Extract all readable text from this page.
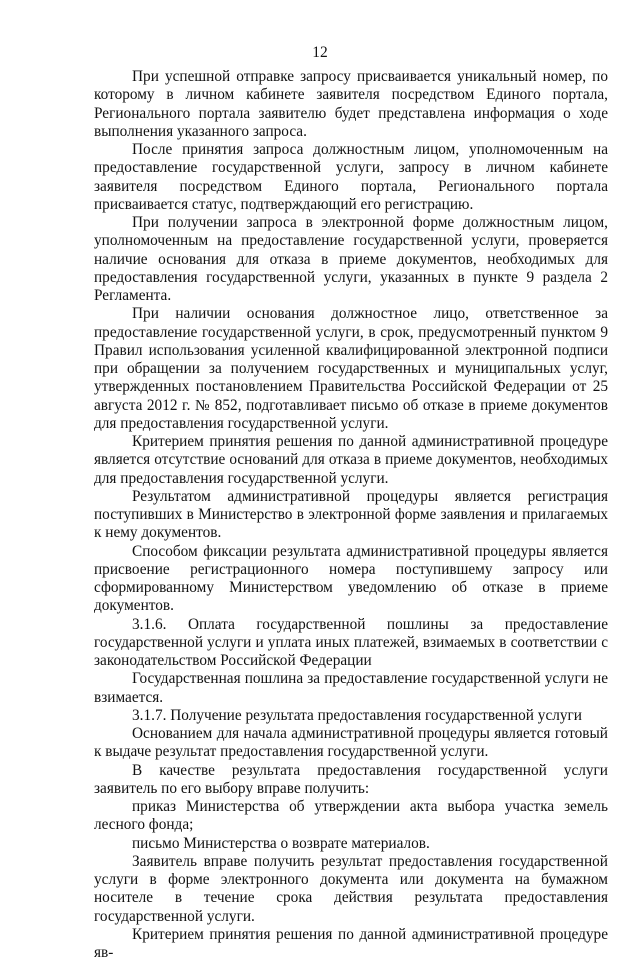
12

При успешной отправке запросу присваивается уникальный номер, по которому в личном кабинете заявителя посредством Единого портала, Регионального портала заявителю будет представлена информация о ходе выполнения указанного запроса.

После принятия запроса должностным лицом, уполномоченным на предоставление государственной услуги, запросу в личном кабинете заявителя посредством Единого портала, Регионального портала присваивается статус, подтверждающий его регистрацию.

При получении запроса в электронной форме должностным лицом, уполномоченным на предоставление государственной услуги, проверяется наличие основания для отказа в приеме документов, необходимых для предоставления государственной услуги, указанных в пункте 9 раздела 2 Регламента.

При наличии основания должностное лицо, ответственное за предоставление государственной услуги, в срок, предусмотренный пунктом 9 Правил использования усиленной квалифицированной электронной подписи при обращении за получением государственных и муниципальных услуг, утвержденных постановлением Правительства Российской Федерации от 25 августа 2012 г. № 852, подготавливает письмо об отказе в приеме документов для предоставления государственной услуги.

Критерием принятия решения по данной административной процедуре является отсутствие оснований для отказа в приеме документов, необходимых для предоставления государственной услуги.

Результатом административной процедуры является регистрация поступивших в Министерство в электронной форме заявления и прилагаемых к нему документов.

Способом фиксации результата административной процедуры является присвоение регистрационного номера поступившему запросу или сформированному Министерством уведомлению об отказе в приеме документов.

3.1.6. Оплата государственной пошлины за предоставление государственной услуги и уплата иных платежей, взимаемых в соответствии с законодательством Российской Федерации

Государственная пошлина за предоставление государственной услуги не взимается.

3.1.7. Получение результата предоставления государственной услуги

Основанием для начала административной процедуры является готовый к выдаче результат предоставления государственной услуги.

В качестве результата предоставления государственной услуги заявитель по его выбору вправе получить:

приказ Министерства об утверждении акта выбора участка земель лесного фонда;

письмо Министерства о возврате материалов.

Заявитель вправе получить результат предоставления государственной услуги в форме электронного документа или документа на бумажном носителе в течение срока действия результата предоставления государственной услуги.

Критерием принятия решения по данной административной процедуре яв-
